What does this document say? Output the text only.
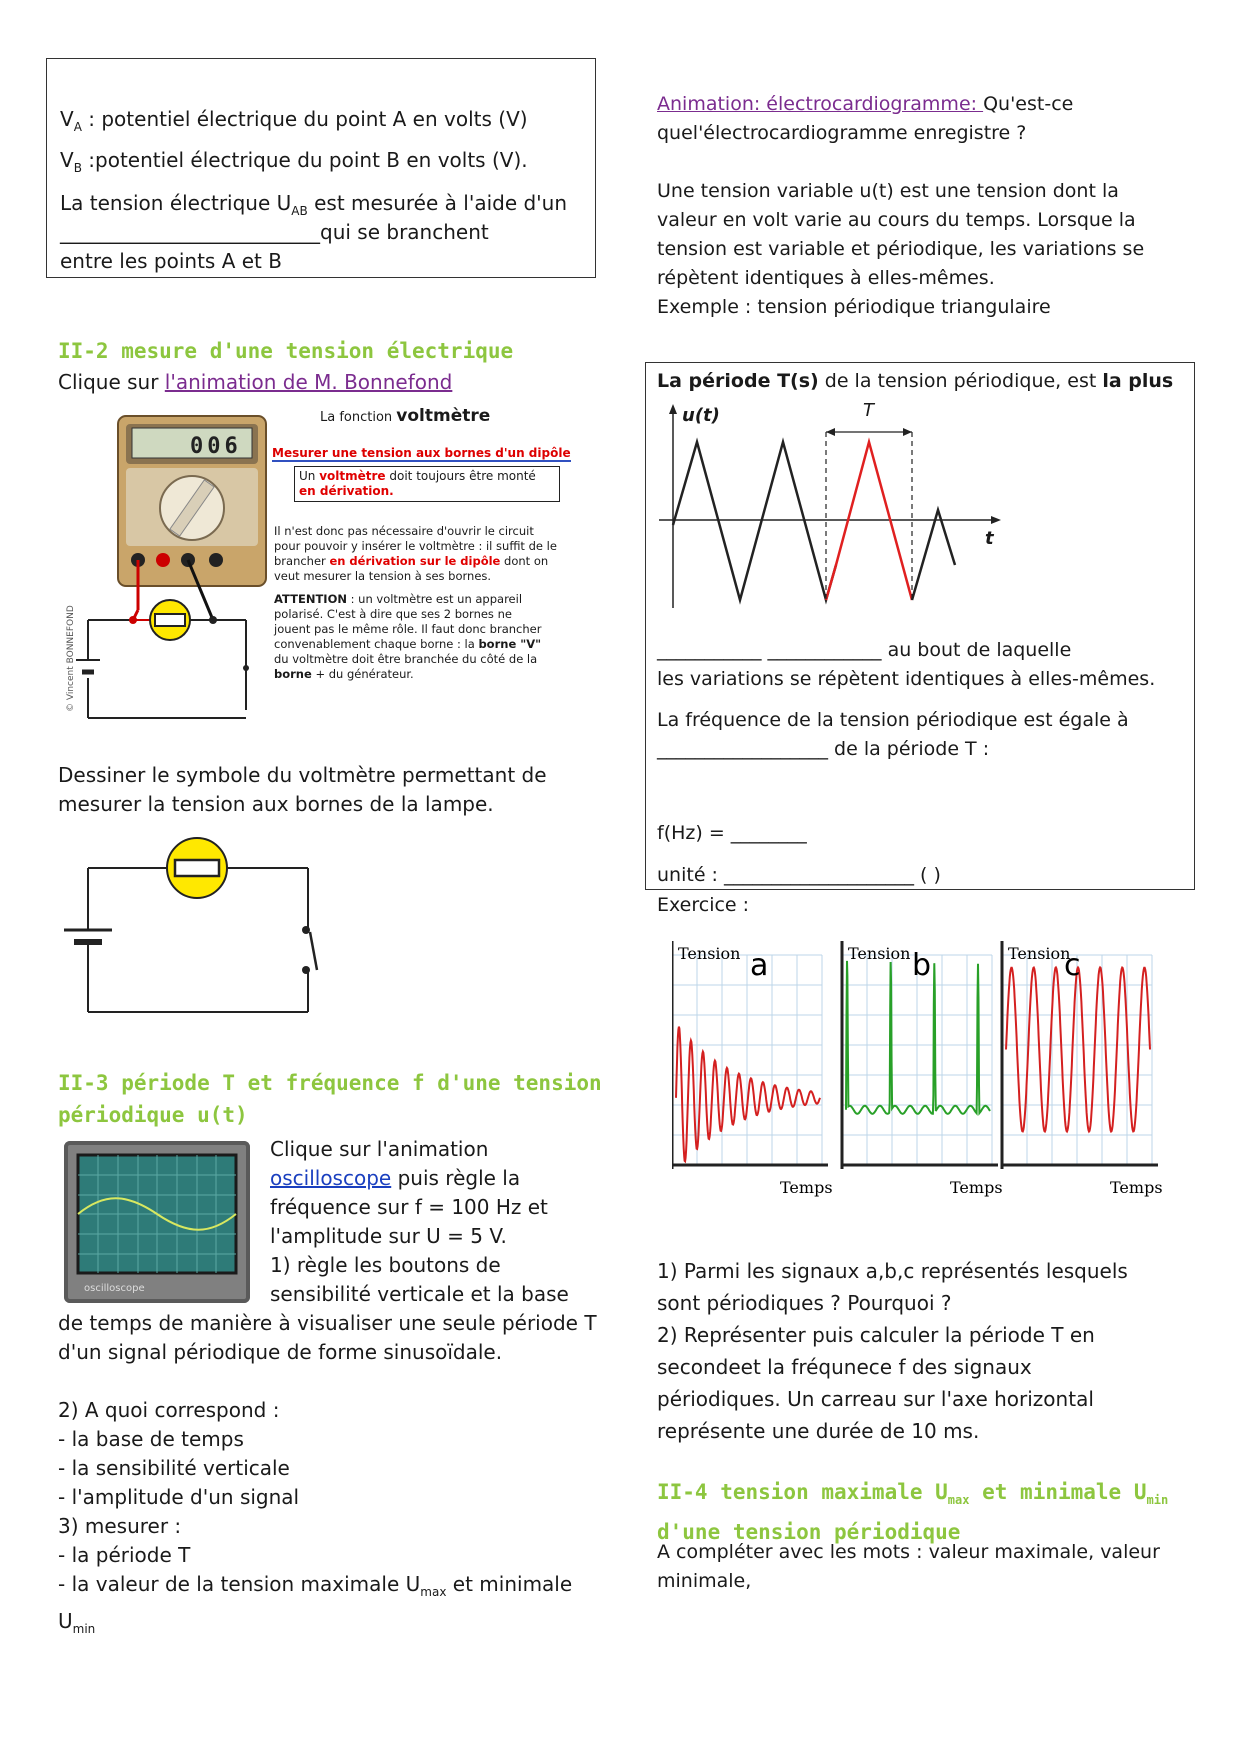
$V_A$ : potentiel électrique du point A en volts (V)
$V_B$ :potentiel électrique du point B en volts (V).
La tension électrique $U_{AB}$ est mesurée à l'aide d'un
__________________________qui se branchent
entre les points A et B
Animation: électrocardiogramme: Qu'est-ce
quel'électrocardiogramme enregistre ?
Une tension variable u(t) est une tension dont la
valeur en volt varie au cours du temps. Lorsque la
tension est variable et périodique, les variations se
répètent identiques à elles-mêmes.
Exemple : tension périodique triangulaire
II-2 mesure d'une tension électrique
Clique sur l'animation de M. Bonnefond
006
© Vincent BONNEFOND
La fonction voltmètre
Mesurer une tension aux bornes d'un dipôle
Un voltmètre doit toujours être monté en dérivation.
Il n'est donc pas nécessaire d'ouvrir le circuit
pour pouvoir y insérer le voltmètre : il suffit de le
brancher en dérivation sur le dipôle dont on
veut mesurer la tension à ses bornes.
ATTENTION : un voltmètre est un appareil
polarisé. C'est à dire que ses 2 bornes ne
jouent pas le même rôle. Il faut donc brancher
convenablement chaque borne : la borne "V"
du voltmètre doit être branchée du côté de la
borne + du générateur.
Dessiner le symbole du voltmètre permettant de
mesurer la tension aux bornes de la lampe.
II-3 période T et fréquence f d'une tension
périodique u(t)
oscilloscope
Clique sur l'animation
oscilloscope puis règle la
fréquence sur f = 100 Hz et
l'amplitude sur U = 5 V.
1) règle les boutons de
sensibilité verticale et la base
de temps de manière à visualiser une seule période T
d'un signal périodique de forme sinusoïdale.
2) A quoi correspond :
- la base de temps
- la sensibilité verticale
- l'amplitude d'un signal
3) mesurer :
- la période T
- la valeur de la tension maximale $U_{max}$ et minimale
$U_{min}$
La période T(s) de la tension périodique, est la plus
u(t)	T
t
___________ ____________ au bout de laquelle
les variations se répètent identiques à elles-mêmes.
La fréquence de la tension périodique est égale à
__________________ de la période T :
f(Hz) = ________
unité : ____________________ ( )
Exercice :
Tension a
Temps
Tension b
Temps
Tension
c
Temps
1) Parmi les signaux a,b,c représentés lesquels
sont périodiques ? Pourquoi ?
2) Représenter puis calculer la période T en
secondeet la fréqunece f des signaux
périodiques. Un carreau sur l'axe horizontal
représente une durée de 10 ms.
II-4 tension maximale $U_{max}$ et minimale $U_{min}$
d'une tension périodique
A compléter avec les mots : valeur maximale, valeur
minimale,
